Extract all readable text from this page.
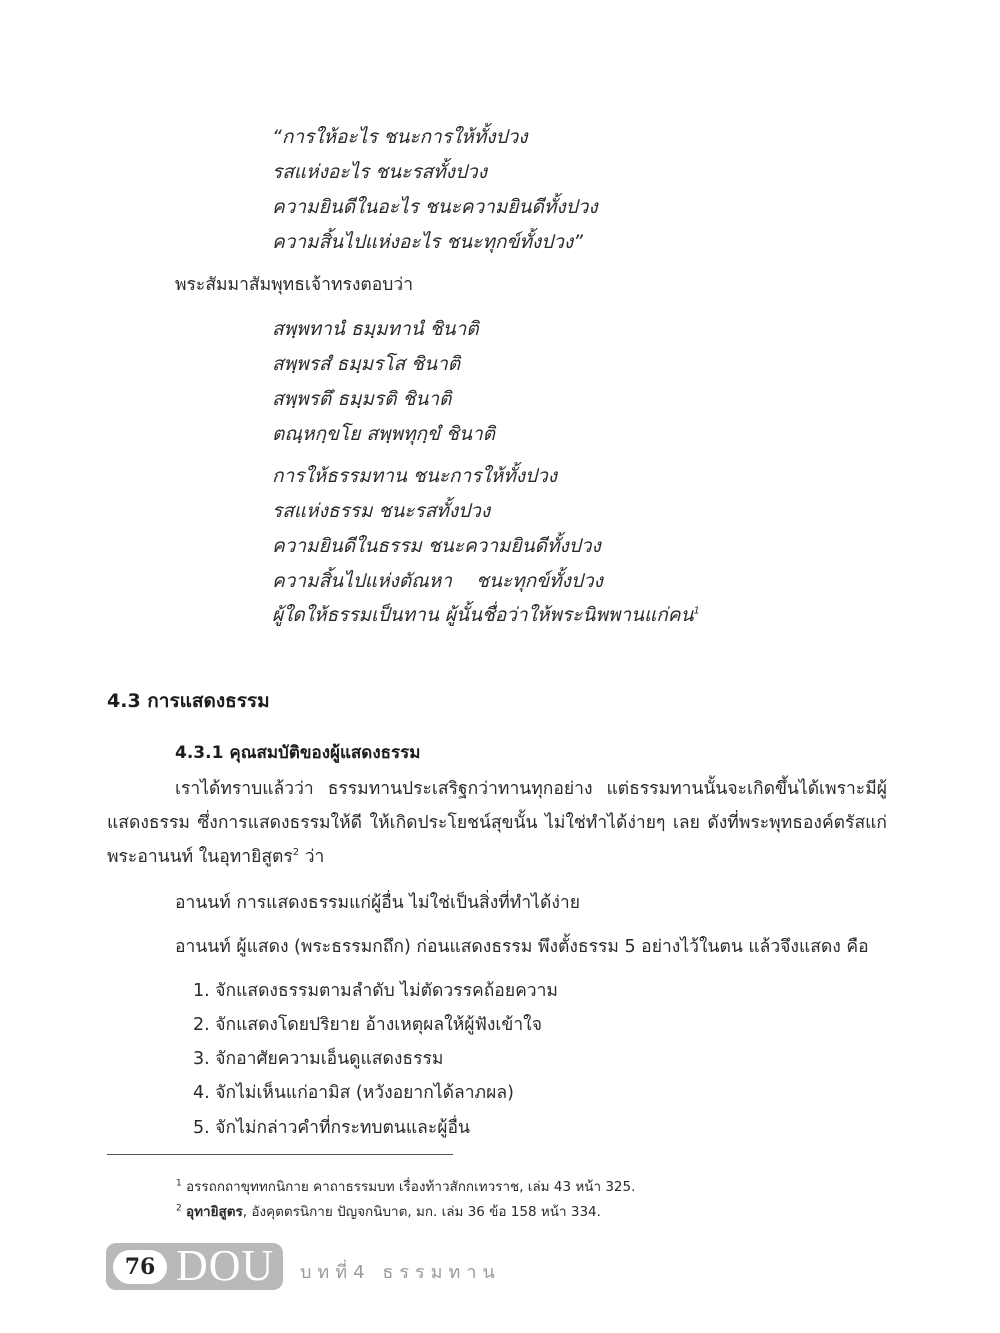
“การให้อะไร ชนะการให้ทั้งปวง
รสแห่งอะไร ชนะรสทั้งปวง
ความยินดีในอะไร ชนะความยินดีทั้งปวง
ความสิ้นไปแห่งอะไร ชนะทุกข์ทั้งปวง”
พระสัมมาสัมพุทธเจ้าทรงตอบว่า
สพฺพทานํ ธมฺมทานํ ชินาติ
สพฺพรสํ ธมฺมรโส ชินาติ
สพฺพรตึ ธมฺมรติ ชินาติ
ตณฺหกฺขโย สพฺพทุกฺขํ ชินาติ
การให้ธรรมทาน ชนะการให้ทั้งปวง
รสแห่งธรรม ชนะรสทั้งปวง
ความยินดีในธรรม ชนะความยินดีทั้งปวง
ความสิ้นไปแห่งตัณหา ชนะทุกข์ทั้งปวง
ผู้ใดให้ธรรมเป็นทาน ผู้นั้นชื่อว่าให้พระนิพพานแก่คน$^1$
4.3 การแสดงธรรม
4.3.1 คุณสมบัติของผู้แสดงธรรม
เราได้ทราบแล้วว่า ธรรมทานประเสริฐกว่าทานทุกอย่าง แต่ธรรมทานนั้นจะเกิดขึ้นได้เพราะมีผู้แสดงธรรม ซึ่งการแสดงธรรมให้ดี ให้เกิดประโยชน์สุขนั้น ไม่ใช่ทำได้ง่ายๆ เลย ดังที่พระพุทธองค์ตรัสแก่พระอานนท์ ในอุทายิสูตร$^2$ ว่า
อานนท์ การแสดงธรรมแก่ผู้อื่น ไม่ใช่เป็นสิ่งที่ทำได้ง่าย
อานนท์ ผู้แสดง (พระธรรมกถึก) ก่อนแสดงธรรม พึงตั้งธรรม 5 อย่างไว้ในตน แล้วจึงแสดง คือ
1. จักแสดงธรรมตามลำดับ ไม่ตัดวรรคถ้อยความ
2. จักแสดงโดยปริยาย อ้างเหตุผลให้ผู้ฟังเข้าใจ
3. จักอาศัยความเอ็นดูแสดงธรรม
4. จักไม่เห็นแก่อามิส (หวังอยากได้ลาภผล)
5. จักไม่กล่าวคำที่กระทบตนและผู้อื่น
$^1$ อรรถกถาขุททกนิกาย คาถาธรรมบท เรื่องท้าวสักกเทวราช, เล่ม 43 หน้า 325.
$^2$ อุทายิสูตร, อังคุตตรนิกาย ปัญจกนิบาต, มก. เล่ม 36 ข้อ 158 หน้า 334.
76 DOU บทที่4 ธรรมทาน
